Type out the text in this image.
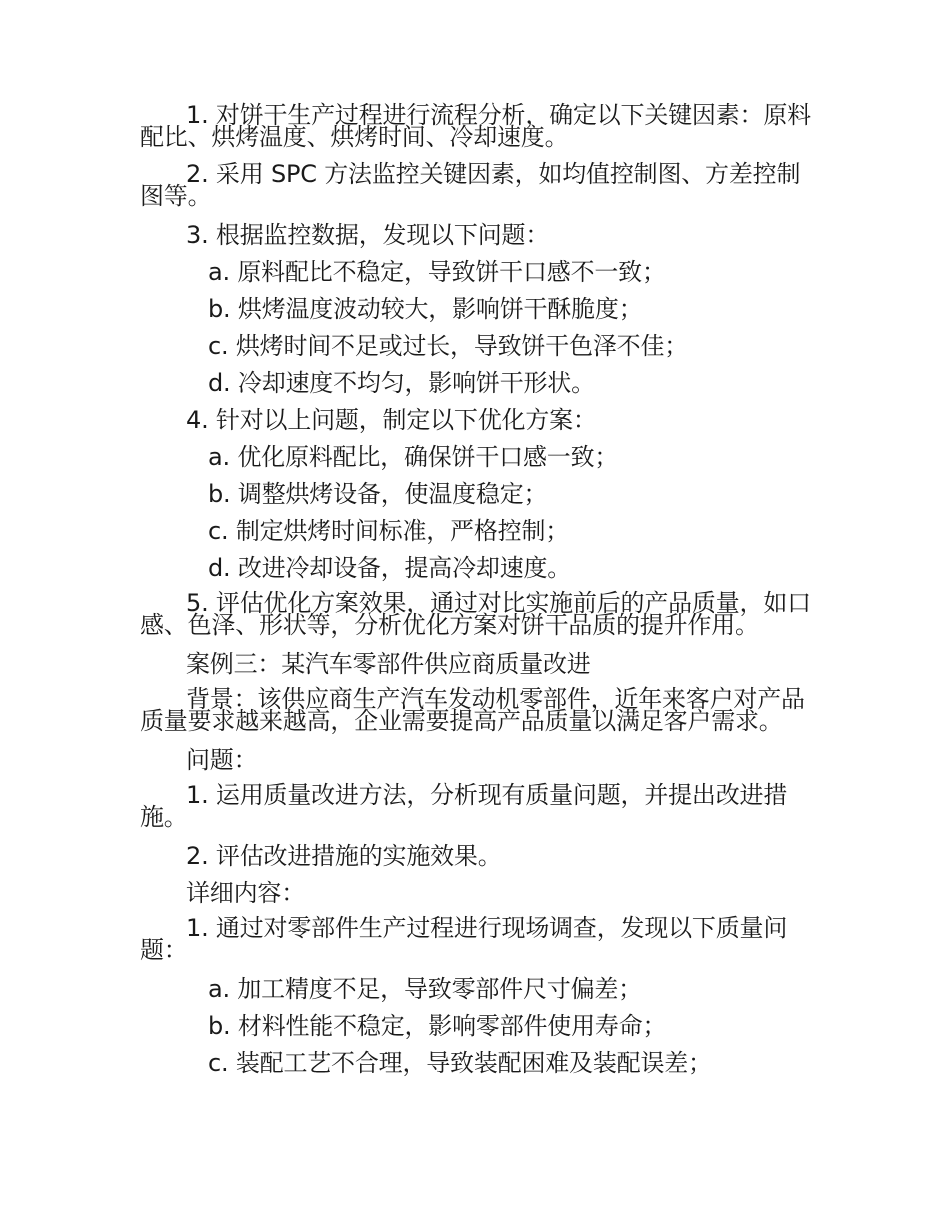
1. 对饼干生产过程进行流程分析，确定以下关键因素：原料配比、烘烤温度、烘烤时间、冷却速度。

2. 采用 SPC 方法监控关键因素，如均值控制图、方差控制图等。

3. 根据监控数据，发现以下问题：

a. 原料配比不稳定，导致饼干口感不一致；

b. 烘烤温度波动较大，影响饼干酥脆度；

c. 烘烤时间不足或过长，导致饼干色泽不佳；

d. 冷却速度不均匀，影响饼干形状。

4. 针对以上问题，制定以下优化方案：

a. 优化原料配比，确保饼干口感一致；

b. 调整烘烤设备，使温度稳定；

c. 制定烘烤时间标准，严格控制；

d. 改进冷却设备，提高冷却速度。

5. 评估优化方案效果，通过对比实施前后的产品质量，如口感、色泽、形状等，分析优化方案对饼干品质的提升作用。

案例三：某汽车零部件供应商质量改进

背景：该供应商生产汽车发动机零部件，近年来客户对产品质量要求越来越高，企业需要提高产品质量以满足客户需求。

问题：

1. 运用质量改进方法，分析现有质量问题，并提出改进措施。

2. 评估改进措施的实施效果。

详细内容：

1. 通过对零部件生产过程进行现场调查，发现以下质量问题：

a. 加工精度不足，导致零部件尺寸偏差；

b. 材料性能不稳定，影响零部件使用寿命；

c. 装配工艺不合理，导致装配困难及装配误差；
